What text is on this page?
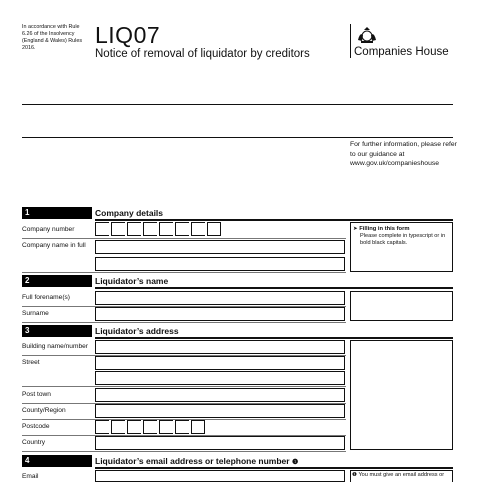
In accordance with Rule 6.26 of the Insolvency (England & Wales) Rules 2016.	LIQ07
Notice of removal of liquidator by creditors	Companies House
For further information, please refer to our guidance at www.gov.uk/companieshouse
1	Company details
Company number
Company name in full
➤ Filling in this form
Please complete in typescript or in bold black capitals.
2	Liquidator’s name
Full forename(s)
Surname
3	Liquidator’s address
Building name/number
Street
Post town
County/Region
Postcode
Country
4	Liquidator’s email address or telephone number ❶
Email	❶ You must give an email address or
